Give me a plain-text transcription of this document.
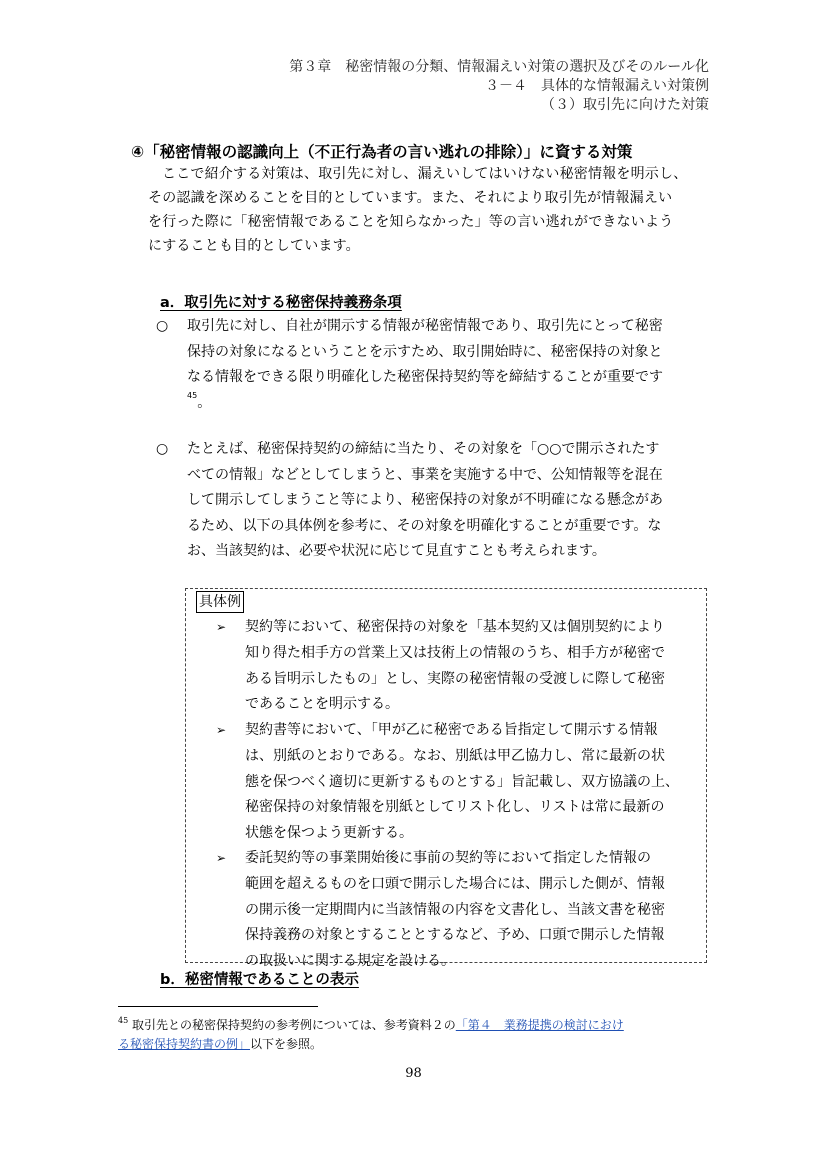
第３章　秘密情報の分類、情報漏えい対策の選択及びそのルール化
３－４　具体的な情報漏えい対策例
（３）取引先に向けた対策
④「秘密情報の認識向上（不正行為者の言い逃れの排除）」に資する対策

ここで紹介する対策は、取引先に対し、漏えいしてはいけない秘密情報を明示し、
その認識を深めることを目的としています。また、それにより取引先が情報漏えい
を行った際に「秘密情報であることを知らなかった」等の言い逃れができないよう
にすることも目的としています。

a．取引先に対する秘密保持義務条項
○	取引先に対し、自社が開示する情報が秘密情報であり、取引先にとって秘密
保持の対象になるということを示すため、取引開始時に、秘密保持の対象と
なる情報をできる限り明確化した秘密保持契約等を締結することが重要です
$^{45}$。
○	たとえば、秘密保持契約の締結に当たり、その対象を「○○で開示されたす
べての情報」などとしてしまうと、事業を実施する中で、公知情報等を混在
して開示してしまうこと等により、秘密保持の対象が不明確になる懸念があ
るため、以下の具体例を参考に、その対象を明確化することが重要です。な
お、当該契約は、必要や状況に応じて見直すことも考えられます。
具体例
➢ 契約等において、秘密保持の対象を「基本契約又は個別契約により
知り得た相手方の営業上又は技術上の情報のうち、相手方が秘密で
ある旨明示したもの」とし、実際の秘密情報の受渡しに際して秘密
であることを明示する。
➢ 契約書等において、「甲が乙に秘密である旨指定して開示する情報
は、別紙のとおりである。なお、別紙は甲乙協力し、常に最新の状
態を保つべく適切に更新するものとする」旨記載し、双方協議の上、
秘密保持の対象情報を別紙としてリスト化し、リストは常に最新の
状態を保つよう更新する。
➢ 委託契約等の事業開始後に事前の契約等において指定した情報の
範囲を超えるものを口頭で開示した場合には、開示した側が、情報
の開示後一定期間内に当該情報の内容を文書化し、当該文書を秘密
保持義務の対象とすることとするなど、予め、口頭で開示した情報
の取扱いに関する規定を設ける。
b．秘密情報であることの表示
$^{45}$ 取引先との秘密保持契約の参考例については、参考資料２の「第４　業務提携の検討におけ
る秘密保持契約書の例」以下を参照。
98
